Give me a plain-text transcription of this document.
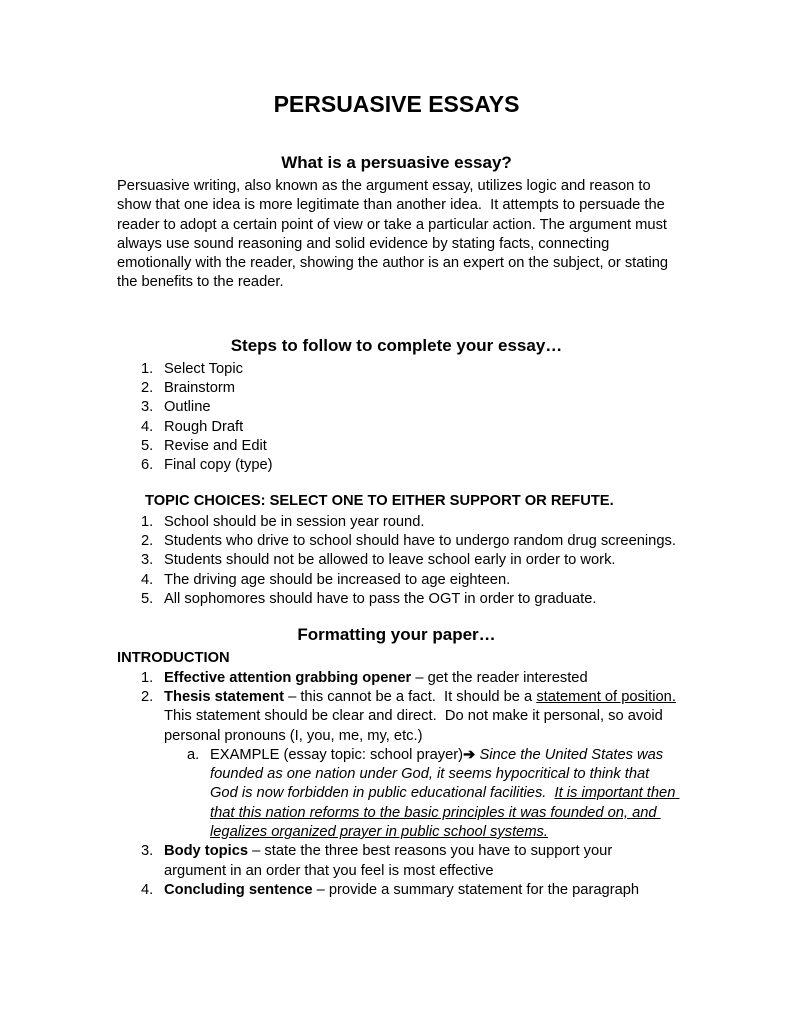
PERSUASIVE ESSAYS
What is a persuasive essay?

Persuasive writing, also known as the argument essay, utilizes logic and reason to show that one idea is more legitimate than another idea.  It attempts to persuade the reader to adopt a certain point of view or take a particular action. The argument must always use sound reasoning and solid evidence by stating facts, connecting emotionally with the reader, showing the author is an expert on the subject, or stating the benefits to the reader.

Steps to follow to complete your essay…
1. Select Topic
2. Brainstorm
3. Outline
4. Rough Draft
5. Revise and Edit
6. Final copy (type)
TOPIC CHOICES: SELECT ONE TO EITHER SUPPORT OR REFUTE.
1. School should be in session year round.
2. Students who drive to school should have to undergo random drug screenings.
3. Students should not be allowed to leave school early in order to work.
4. The driving age should be increased to age eighteen.
5. All sophomores should have to pass the OGT in order to graduate.
Formatting your paper…
INTRODUCTION
1. Effective attention grabbing opener – get the reader interested
2. Thesis statement – this cannot be a fact.  It should be a statement of position. This statement should be clear and direct.  Do not make it personal, so avoid personal pronouns (I, you, me, my, etc.)
a. EXAMPLE (essay topic: school prayer)➔ Since the United States was founded as one nation under God, it seems hypocritical to think that God is now forbidden in public educational facilities.  It is important then that this nation reforms to the basic principles it was founded on, and legalizes organized prayer in public school systems.
3. Body topics – state the three best reasons you have to support your argument in an order that you feel is most effective
4. Concluding sentence – provide a summary statement for the paragraph
